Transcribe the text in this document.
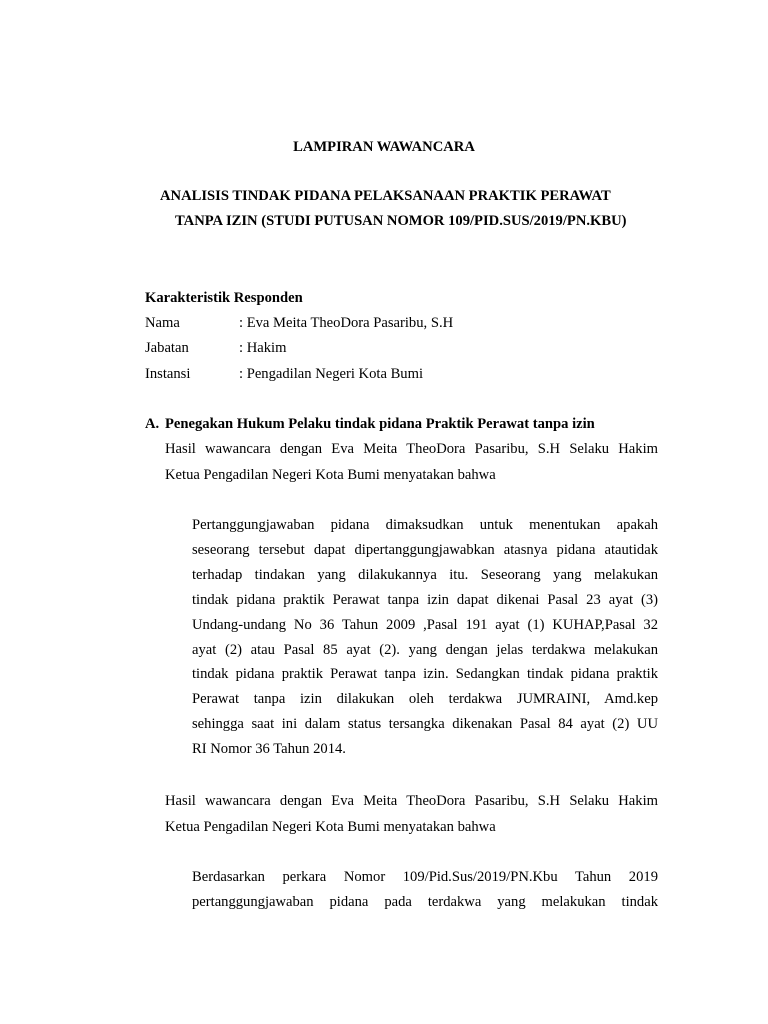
LAMPIRAN WAWANCARA
ANALISIS TINDAK PIDANA PELAKSANAAN PRAKTIK PERAWAT
TANPA IZIN (STUDI PUTUSAN NOMOR 109/PID.SUS/2019/PN.KBU)
Karakteristik Responden
Nama	: Eva Meita TheoDora Pasaribu, S.H
Jabatan	: Hakim
Instansi	: Pengadilan Negeri Kota Bumi
A. Penegakan Hukum Pelaku tindak pidana Praktik Perawat tanpa izin
Hasil wawancara dengan Eva Meita TheoDora Pasaribu, S.H Selaku Hakim
Ketua Pengadilan Negeri Kota Bumi menyatakan bahwa
Pertanggungjawaban pidana dimaksudkan untuk menentukan apakah
seseorang tersebut dapat dipertanggungjawabkan atasnya pidana atautidak
terhadap tindakan yang dilakukannya itu. Seseorang yang melakukan
tindak pidana praktik Perawat tanpa izin dapat dikenai Pasal 23 ayat (3)
Undang-undang No 36 Tahun 2009 ,Pasal 191 ayat (1) KUHAP,Pasal 32
ayat (2) atau Pasal 85 ayat (2). yang dengan jelas terdakwa melakukan
tindak pidana praktik Perawat tanpa izin. Sedangkan tindak pidana praktik
Perawat tanpa izin dilakukan oleh terdakwa JUMRAINI, Amd.kep
sehingga saat ini dalam status tersangka dikenakan Pasal 84 ayat (2) UU
RI Nomor 36 Tahun 2014.
Hasil wawancara dengan Eva Meita TheoDora Pasaribu, S.H Selaku Hakim
Ketua Pengadilan Negeri Kota Bumi menyatakan bahwa
Berdasarkan perkara Nomor 109/Pid.Sus/2019/PN.Kbu Tahun 2019
pertanggungjawaban pidana pada terdakwa yang melakukan tindak
